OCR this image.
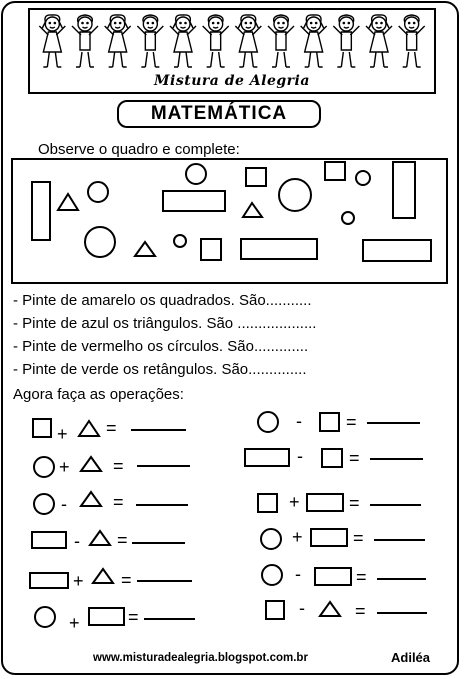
Mistura de Alegria
MATEMÁTICA
Observe o quadro e complete:
- Pinte de amarelo os quadrados. São...........
- Pinte de azul os triângulos. São ...................
- Pinte de vermelho os círculos. São.............
- Pinte de verde os retângulos. São..............
Agora faça as operações:
+ =
+ =
-	=
- =
+ =
+	=
- =
-	=
+	=
+	=
-	=
-	=
www.misturadealegria.blogspot.com.br	Adiléa
